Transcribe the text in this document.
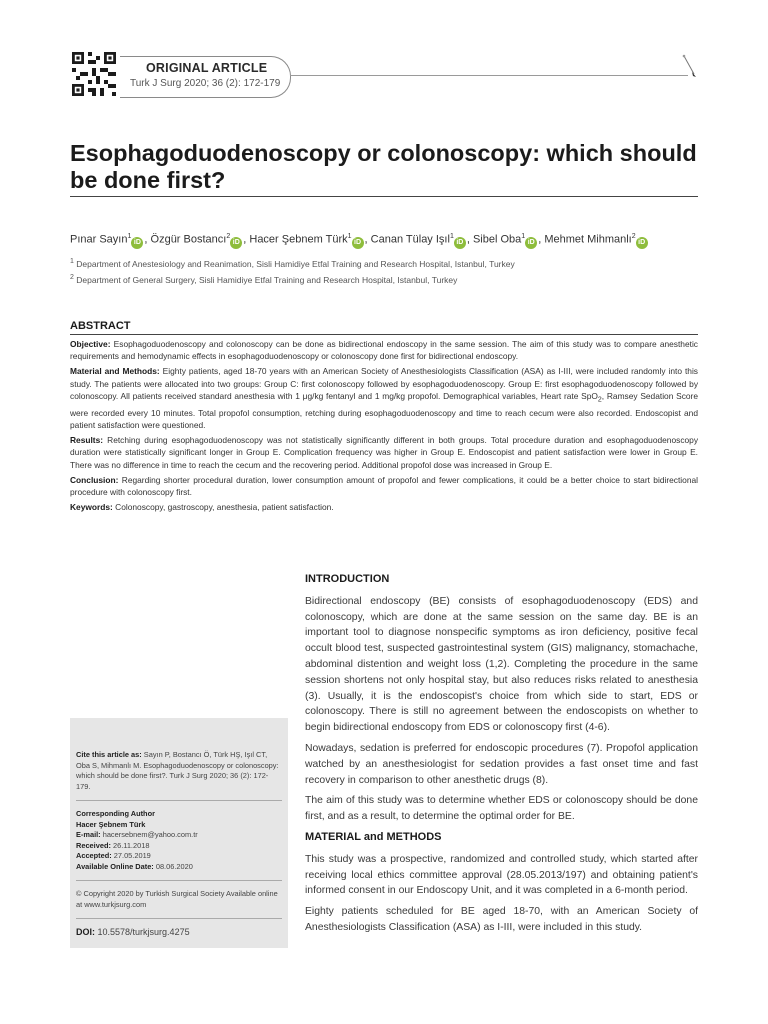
ORIGINAL ARTICLE
Turk J Surg 2020; 36 (2): 172-179
Esophagoduodenoscopy or colonoscopy: which should be done first?
Pınar Sayın$^1$iD , Özgür Bostancı$^2$iD , Hacer Şebnem Türk$^1$iD , Canan Tülay Işıl$^1$iD , Sibel Oba$^1$iD , Mehmet Mihmanlı$^2$iD
$^1$ Department of Anestesiology and Reanimation, Sisli Hamidiye Etfal Training and Research Hospital, Istanbul, Turkey
$^2$ Department of General Surgery, Sisli Hamidiye Etfal Training and Research Hospital, Istanbul, Turkey
ABSTRACT

Objective: Esophagoduodenoscopy and colonoscopy can be done as bidirectional endoscopy in the same session. The aim of this study was to compare anesthetic requirements and hemodynamic effects in esophagoduodenoscopy or colonoscopy done first for bidirectional endoscopy.

Material and Methods: Eighty patients, aged 18-70 years with an American Society of Anesthesiologists Classification (ASA) as I-III, were included randomly into this study. The patients were allocated into two groups: Group C: first colonoscopy followed by esophagoduodenoscopy. Group E: first esophagoduodenoscopy followed by colonoscopy. All patients received standard anesthesia with 1 μg/kg fentanyl and 1 mg/kg propofol. Demographical variables, Heart rate SpO$_2$, Ramsey Sedation Score were recorded every 10 minutes. Total propofol consumption, retching during esophagoduodenoscopy and time to reach cecum were also recorded. Endoscopist and patient satisfaction were questioned.

Results: Retching during esophagoduodenoscopy was not statistically significantly different in both groups. Total procedure duration and esophagoduodenoscopy duration were statistically significant longer in Group E. Complication frequency was higher in Group E. Endoscopist and patient satisfaction were lower in Group E. There was no difference in time to reach the cecum and the recovering period. Additional propofol dose was increased in Group E.

Conclusion: Regarding shorter procedural duration, lower consumption amount of propofol and fewer complications, it could be a better choice to start bidirectional procedure with colonoscopy first.

Keywords: Colonoscopy, gastroscopy, anesthesia, patient satisfaction.

Cite this article as: Sayın P, Bostancı Ö, Türk HŞ, Işıl CT, Oba S, Mihmanlı M. Esophagoduodenoscopy or colonoscopy: which should be done first?. Turk J Surg 2020; 36 (2): 172-179.

Corresponding Author

Hacer Şebnem Türk

E-mail: hacersebnem@yahoo.com.tr

Received: 26.11.2018

Accepted: 27.05.2019

Available Online Date: 08.06.2020

© Copyright 2020 by Turkish Surgical Society Available online at www.turkjsurg.com

DOI: 10.5578/turkjsurg.4275

INTRODUCTION

Bidirectional endoscopy (BE) consists of esophagoduodenoscopy (EDS) and colonoscopy, which are done at the same session on the same day. BE is an important tool to diagnose nonspecific symptoms as iron deficiency, positive fecal occult blood test, suspected gastrointestinal system (GIS) malignancy, stomachache, abdominal distention and weight loss (1,2). Completing the procedure in the same session shortens not only hospital stay, but also reduces risks related to anesthesia (3). Usually, it is the endoscopist's choice from which side to start, EDS or colonoscopy. There is still no agreement between the endoscopists on whether to begin bidirectional endoscopy from EDS or colonoscopy first (4-6).

Nowadays, sedation is preferred for endoscopic procedures (7). Propofol application watched by an anesthesiologist for sedation provides a fast onset time and fast recovery in comparison to other anesthetic drugs (8).

The aim of this study was to determine whether EDS or colonoscopy should be done first, and as a result, to determine the optimal order for BE.

MATERIAL and METHODS

This study was a prospective, randomized and controlled study, which started after receiving local ethics committee approval (28.05.2013/197) and obtaining patient's informed consent in our Endoscopy Unit, and it was completed in a 6-month period.

Eighty patients scheduled for BE aged 18-70, with an American Society of Anesthesiologists Classification (ASA) as I-III, were included in this study.
